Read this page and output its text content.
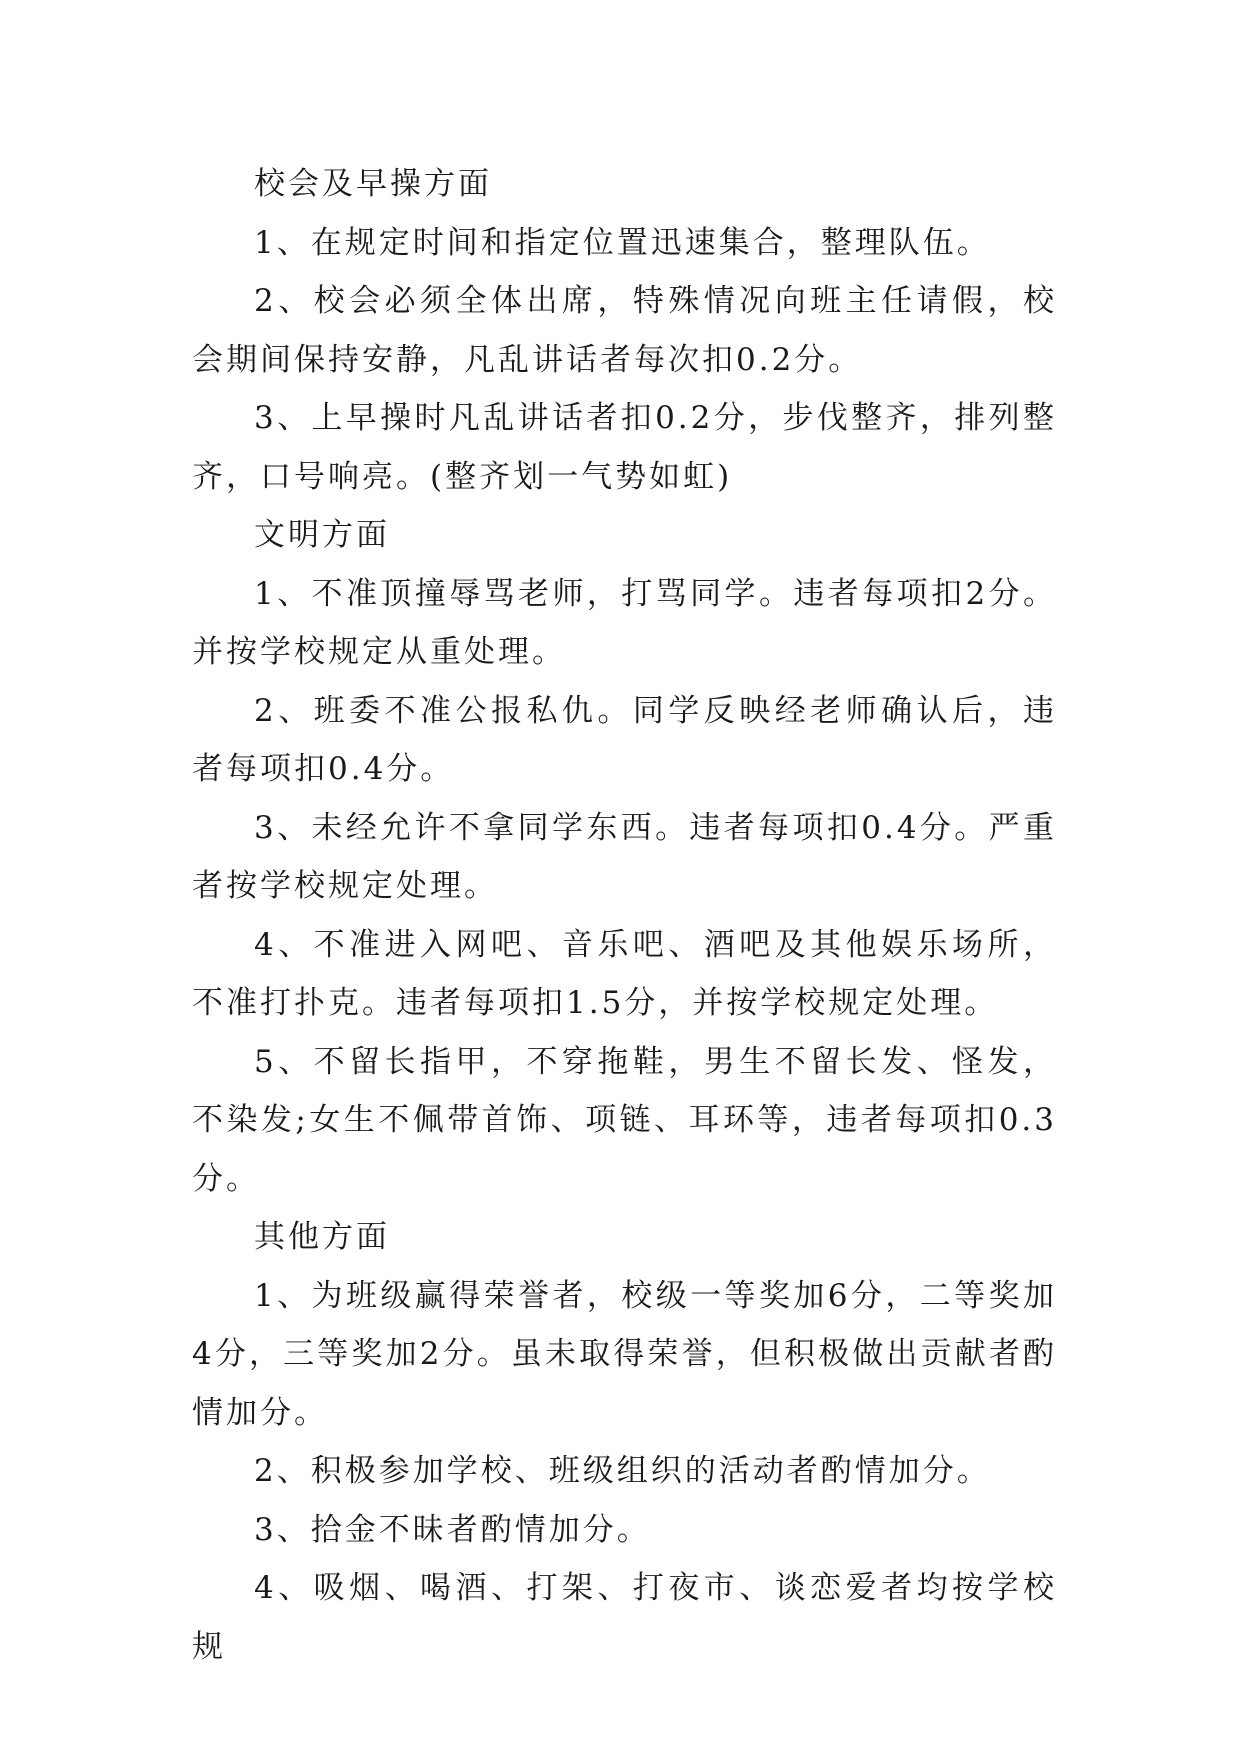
校会及早操方面

1、在规定时间和指定位置迅速集合，整理队伍。

2、校会必须全体出席，特殊情况向班主任请假，校会期间保持安静，凡乱讲话者每次扣0.2分。

3、上早操时凡乱讲话者扣0.2分，步伐整齐，排列整齐，口号响亮。(整齐划一气势如虹)

文明方面

1、不准顶撞辱骂老师，打骂同学。违者每项扣2分。并按学校规定从重处理。

2、班委不准公报私仇。同学反映经老师确认后，违者每项扣0.4分。

3、未经允许不拿同学东西。违者每项扣0.4分。严重者按学校规定处理。

4、不准进入网吧、音乐吧、酒吧及其他娱乐场所，不准打扑克。违者每项扣1.5分，并按学校规定处理。

5、不留长指甲，不穿拖鞋，男生不留长发、怪发，不染发;女生不佩带首饰、项链、耳环等，违者每项扣0.3分。

其他方面

1、为班级赢得荣誉者，校级一等奖加6分，二等奖加4分，三等奖加2分。虽未取得荣誉，但积极做出贡献者酌情加分。

2、积极参加学校、班级组织的活动者酌情加分。

3、拾金不昧者酌情加分。

4、吸烟、喝酒、打架、打夜市、谈恋爱者均按学校规
